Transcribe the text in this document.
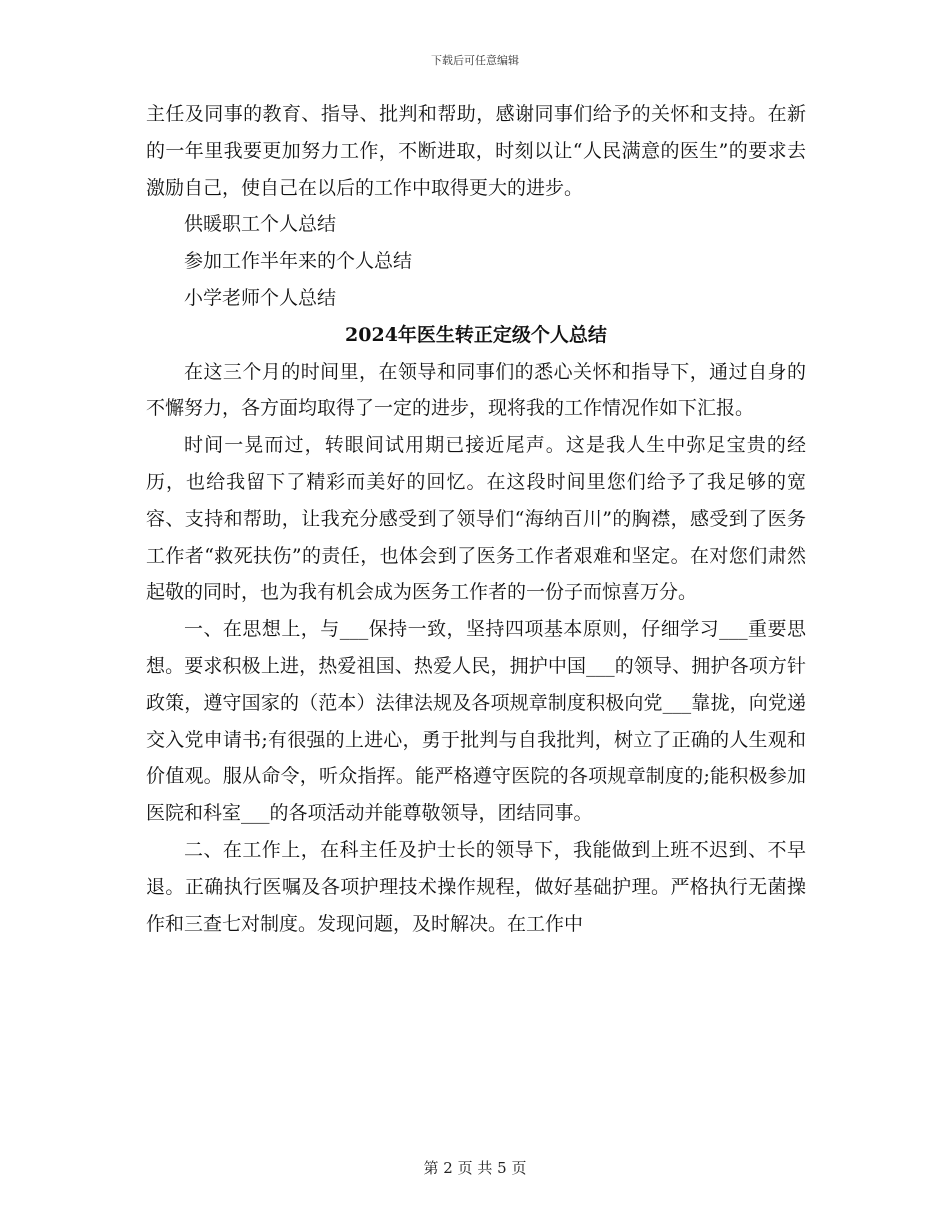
下载后可任意编辑

主任及同事的教育、指导、批判和帮助，感谢同事们给予的关怀和支持。在新的一年里我要更加努力工作，不断进取，时刻以让“人民满意的医生”的要求去激励自己，使自己在以后的工作中取得更大的进步。

供暖职工个人总结

参加工作半年来的个人总结

小学老师个人总结

2024年医生转正定级个人总结

在这三个月的时间里，在领导和同事们的悉心关怀和指导下，通过自身的不懈努力，各方面均取得了一定的进步，现将我的工作情况作如下汇报。

时间一晃而过，转眼间试用期已接近尾声。这是我人生中弥足宝贵的经历，也给我留下了精彩而美好的回忆。在这段时间里您们给予了我足够的宽容、支持和帮助，让我充分感受到了领导们“海纳百川”的胸襟，感受到了医务工作者“救死扶伤”的责任，也体会到了医务工作者艰难和坚定。在对您们肃然起敬的同时，也为我有机会成为医务工作者的一份子而惊喜万分。

一、在思想上，与___保持一致，坚持四项基本原则，仔细学习___重要思想。要求积极上进，热爱祖国、热爱人民，拥护中国___的领导、拥护各项方针政策，遵守国家的（范本）法律法规及各项规章制度积极向党___靠拢，向党递交入党申请书;有很强的上进心，勇于批判与自我批判，树立了正确的人生观和价值观。服从命令，听众指挥。能严格遵守医院的各项规章制度的;能积极参加医院和科室___的各项活动并能尊敬领导，团结同事。

二、在工作上，在科主任及护士长的领导下，我能做到上班不迟到、不早退。正确执行医嘱及各项护理技术操作规程，做好基础护理。严格执行无菌操作和三查七对制度。发现问题，及时解决。在工作中

第 2 页 共 5 页
